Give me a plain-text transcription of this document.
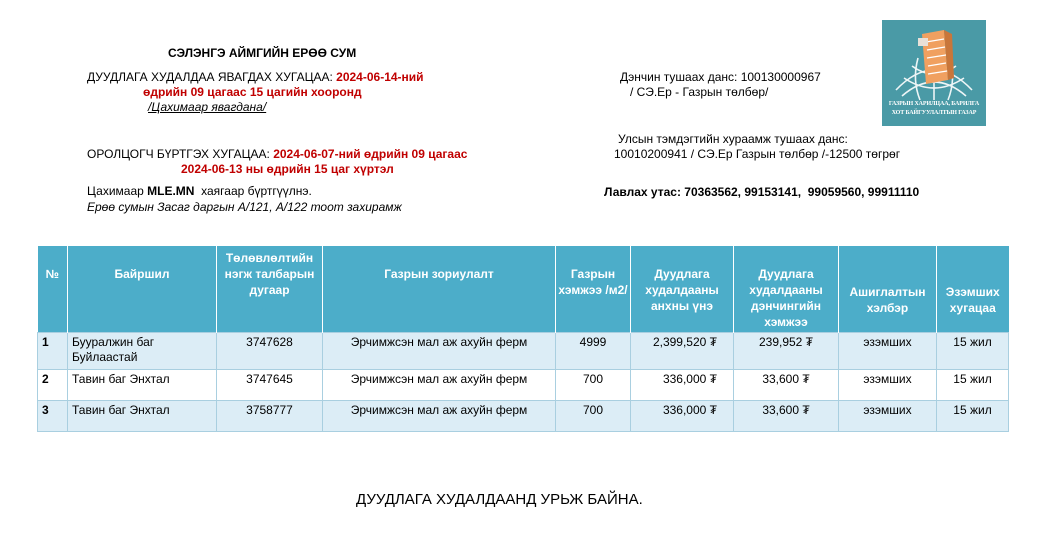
СЭЛЭНГЭ АЙМГИЙН ЕРӨӨ СУМ
ДУУДЛАГА ХУДАЛДАА ЯВАГДАХ ХУГАЦАА: 2024-06-14-ний
өдрийн 09 цагаас 15 цагийн хооронд
/Цахимаар явагдана/
Дэнчин тушаах данс: 100130000967
/ СЭ.Ер - Газрын төлбөр/
Улсын тэмдэгтийн хураамж тушаах данс:
10010200941 / СЭ.Ер Газрын төлбөр /-12500 төгрөг
ОРОЛЦОГЧ БҮРТГЭХ ХУГАЦАА: 2024-06-07-ний өдрийн 09 цагаас
2024-06-13 ны өдрийн 15 цаг хүртэл
Цахимаар MLE.MN  хаягаар бүртгүүлнэ.
Ерөө сумын Засаг даргын А/121, А/122 тоот захирамж
Лавлах утас: 70363562, 99153141,  99059560, 99911110
ГАЗРЫН ХАРИЛЦАА, БАРИЛГА
ХОТ БАЙГУУЛАЛТЫН ГАЗАР
№	Байршил	Төлөвлөлтийн нэгж талбарын дугаар	Газрын зориулалт	Газрын хэмжээ /м2/	Дуудлага худалдааны анхны үнэ	Дуудлага худалдааны дэнчингийн хэмжээ	Ашиглалтын хэлбэр	Эзэмших хугацаа
1	Бууралжин баг Буйлаастай	3747628	Эрчимжсэн мал аж ахуйн ферм	4999	2,399,520 ₮	239,952 ₮	эзэмших	15 жил
2	Тавин баг Энхтал	3747645	Эрчимжсэн мал аж ахуйн ферм	700	336,000 ₮	33,600 ₮	эзэмших	15 жил
3	Тавин баг Энхтал	3758777	Эрчимжсэн мал аж ахуйн ферм	700	336,000 ₮	33,600 ₮	эзэмших	15 жил
ДУУДЛАГА ХУДАЛДААНД УРЬЖ БАЙНА.
